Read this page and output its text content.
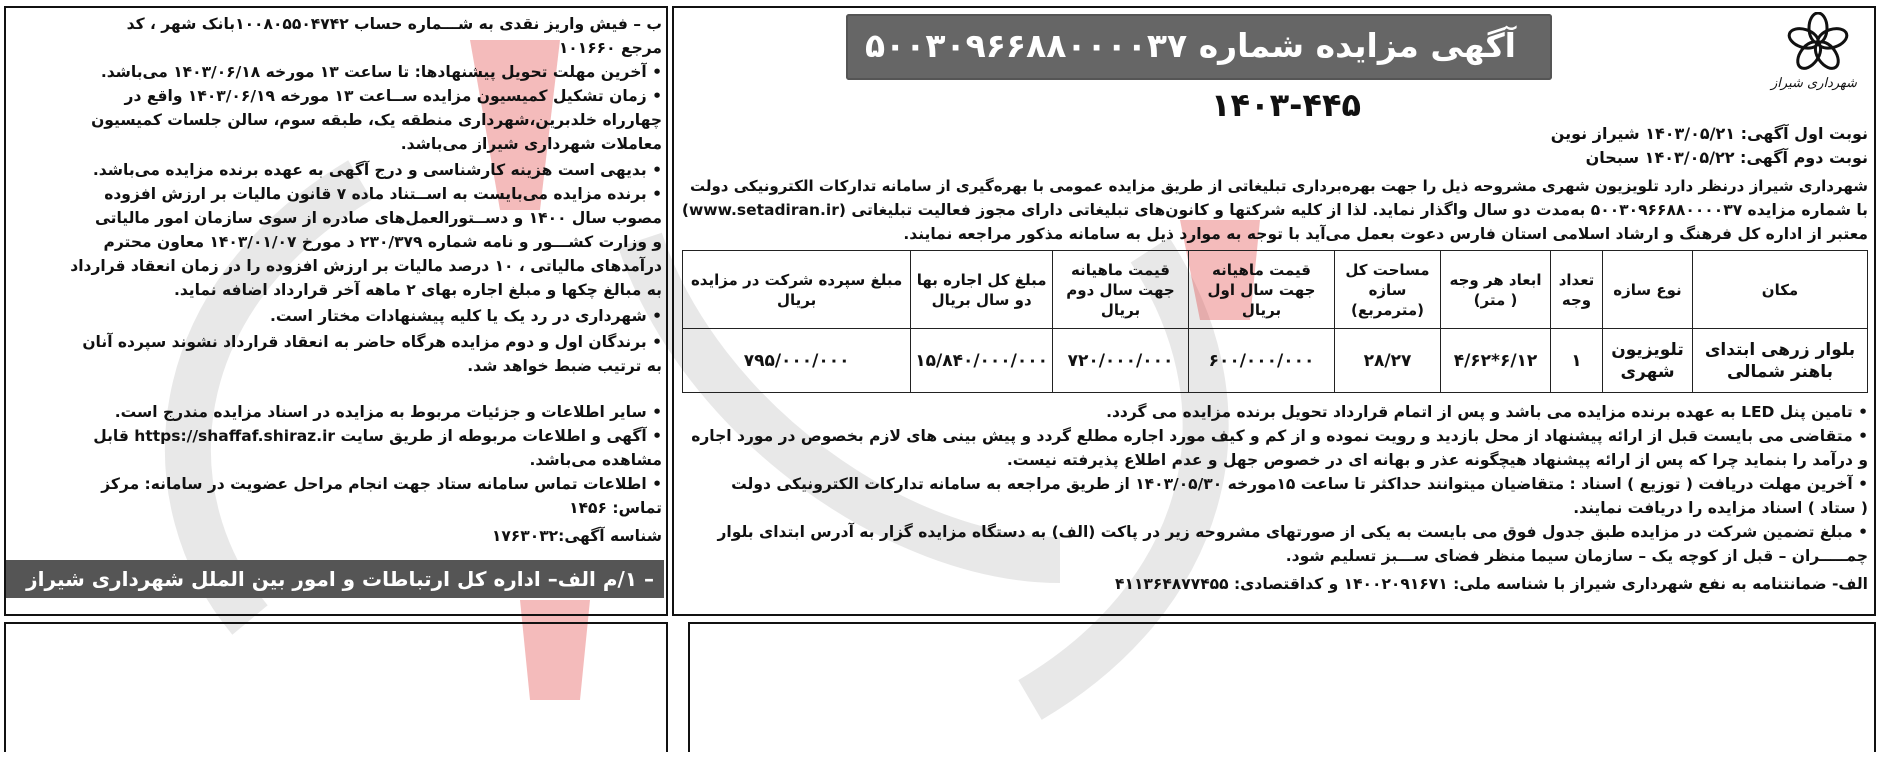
شهرداری شیراز
آگهی مزایده شماره ۵۰۰۳۰۹۶۶۸۸۰۰۰۰۳۷
۱۴۰۳-۴۴۵
نوبت اول آگهی: ۱۴۰۳/۰۵/۲۱ شیراز نوین
نوبت دوم آگهی: ۱۴۰۳/۰۵/۲۲ سبحان
شهرداری شیراز درنظر دارد تلویزیون شهری مشروحه ذیل را جهت بهره‌برداری تبلیغاتی از طریق مزایده عمومی با بهره‌گیری از سامانه تدارکات الکترونیکی دولت
(www.setadiran.ir) با شماره مزایده ۵۰۰۳۰۹۶۶۸۸۰۰۰۰۳۷ به‌مدت دو سال واگذار نماید. لذا از کلیه شرکتها و کانون‌های تبلیغاتی دارای مجوز فعالیت تبلیغاتی
معتبر از اداره کل فرهنگ و ارشاد اسلامی استان فارس دعوت بعمل می‌آید با توجه به موارد ذیل به سامانه مذکور مراجعه نمایند.
مکان	نوع سازه	تعداد وجه	ابعاد هر وجه ( متر)	مساحت کل سازه (مترمربع)	قیمت ماهیانه جهت سال اول بریال	قیمت ماهیانه جهت سال دوم بریال	مبلغ کل اجاره بها دو سال بریال	مبلغ سپرده شرکت در مزایده بریال
بلوار زرهی ابتدای باهنر شمالی	تلویزیون شهری	۱	۶/۱۲*۴/۶۲	۲۸/۲۷	۶۰۰/۰۰۰/۰۰۰	۷۲۰/۰۰۰/۰۰۰	۱۵/۸۴۰/۰۰۰/۰۰۰	۷۹۵/۰۰۰/۰۰۰
• تامین پنل LED به عهده برنده مزایده می باشد و پس از اتمام قرارداد تحویل برنده مزایده می گردد.
• متقاضی می بایست قبل از ارائه پیشنهاد از محل بازدید و رویت نموده و از کم و کیف مورد اجاره مطلع گردد و پیش بینی های لازم بخصوص در مورد اجاره
و درآمد را بنماید چرا که پس از ارائه پیشنهاد هیچگونه عذر و بهانه ای در خصوص جهل و عدم اطلاع پذیرفته نیست.
• آخرین مهلت دریافت ( توزیع ) اسناد : متقاضیان میتوانند حداکثر تا ساعت ۱۵مورخه ۱۴۰۳/۰۵/۳۰ از طریق مراجعه به سامانه تدارکات الکترونیکی دولت
( ستاد ) اسناد مزایده را دریافت نمایند.
• مبلغ تضمین شرکت در مزایده طبق جدول فوق می بایست به یکی از صورتهای مشروحه زیر در پاکت (الف) به دستگاه مزایده گزار به آدرس ابتدای بلوار
چمـــــران – قبل از کوچه یک – سازمان سیما منظر فضای ســـبز تسلیم شود.
الف- ضمانتنامه به نفع شهرداری شیراز با شناسه ملی: ۱۴۰۰۲۰۹۱۶۷۱ و کداقتصادی: ۴۱۱۳۶۴۸۷۷۴۵۵
ب – فیش واریز نقدی به شـــماره حساب ۱۰۰۸۰۵۵۰۴۷۴۲بانک شهر ، کد
مرجع ۱۰۱۶۶۰
• آخرین مهلت تحویل پیشنهادها: تا ساعت ۱۳ مورخه ۱۴۰۳/۰۶/۱۸ می‌باشد.
• زمان تشکیل کمیسیون مزایده ســاعت ۱۳ مورخه ۱۴۰۳/۰۶/۱۹ واقع در
چهارراه خلدبرین،شهرداری منطقه یک، طبقه سوم، سالن جلسات کمیسیون
معاملات شهرداری شیراز می‌باشد.
• بدیهی است هزینه کارشناسی و درج آگهی به عهده برنده مزایده می‌باشد.
• برنده مزایده می‌بایست به اســتناد ماده ۷ قانون مالیات بر ارزش افزوده
مصوب سال ۱۴۰۰ و دســتورالعمل‌های صادره از سوی سازمان امور مالیاتی
و وزارت کشـــور و نامه شماره ۲۳۰/۳۷۹ د مورخ ۱۴۰۳/۰۱/۰۷ معاون محترم
درآمدهای مالیاتی ، ۱۰ درصد مالیات بر ارزش افزوده را در زمان انعقاد قرارداد
به مبالغ چکها و مبلغ اجاره بهای ۲ ماهه آخر قرارداد اضافه نماید.
• شهرداری در رد یک یا کلیه پیشنهادات مختار است.
• برندگان اول و دوم مزایده هرگاه حاضر به انعقاد قرارداد نشوند سپرده آنان
به ترتیب ضبط خواهد شد.
• سایر اطلاعات و جزئیات مربوط به مزایده در اسناد مزایده مندرج است.
• آگهی و اطلاعات مربوطه از طریق سایت https://shaffaf.shiraz.ir قابل
مشاهده می‌باشد.
• اطلاعات تماس سامانه ستاد جهت انجام مراحل عضویت در سامانه: مرکز
تماس: ۱۴۵۶
شناسه آگهی:۱۷۶۳۰۳۲
– ۱/م الف– اداره کل ارتباطات و امور بین الملل شهرداری شیراز
